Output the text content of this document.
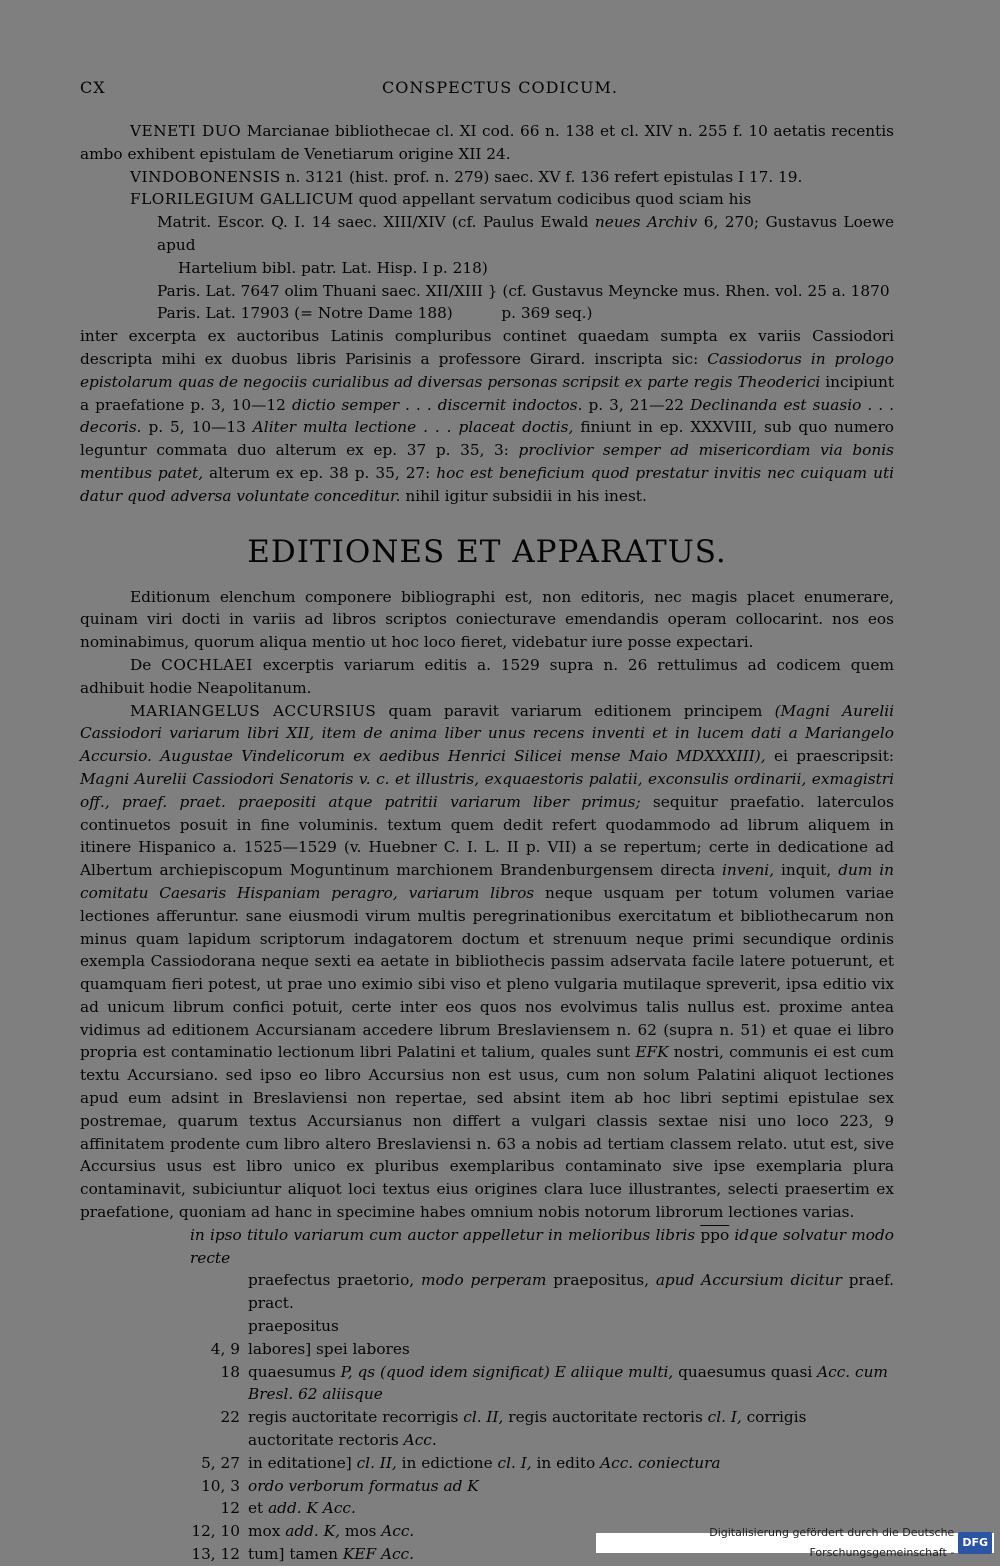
CX	CONSPECTUS CODICUM.

VENETI DUO Marcianae bibliothecae cl. XI cod. 66 n. 138 et cl. XIV n. 255 f. 10 aetatis recentis ambo exhibent epistulam de Venetiarum origine XII 24.

VINDOBONENSIS n. 3121 (hist. prof. n. 279) saec. XV f. 136 refert epistulas I 17. 19.

FLORILEGIUM GALLICUM quod appellant servatum codicibus quod sciam his

Matrit. Escor. Q. I. 14 saec. XIII/XIV (cf. Paulus Ewald neues Archiv 6, 270; Gustavus Loewe apud

Hartelium bibl. patr. Lat. Hisp. I p. 218)

Paris. Lat. 7647 olim Thuani saec. XII/XIII } (cf. Gustavus Meyncke mus. Rhen. vol. 25 a. 1870

Paris. Lat. 17903 (= Notre Dame 188)          p. 369 seq.)

inter excerpta ex auctoribus Latinis compluribus continet quaedam sumpta ex variis Cassiodori descripta mihi ex duobus libris Parisinis a professore Girard. inscripta sic: Cassiodorus in prologo epistolarum quas de negociis curialibus ad diversas personas scripsit ex parte regis Theoderici incipiunt a praefatione p. 3, 10—12 dictio semper . . . discernit indoctos. p. 3, 21—22 Declinanda est suasio . . . decoris. p. 5, 10—13 Aliter multa lectione . . . placeat doctis, finiunt in ep. XXXVIII, sub quo numero leguntur commata duo alterum ex ep. 37 p. 35, 3: proclivior semper ad misericordiam via bonis mentibus patet, alterum ex ep. 38 p. 35, 27: hoc est beneficium quod prestatur invitis nec cuiquam uti datur quod adversa voluntate conceditur. nihil igitur subsidii in his inest.

EDITIONES ET APPARATUS.

Editionum elenchum componere bibliographi est, non editoris, nec magis placet enumerare, quinam viri docti in variis ad libros scriptos coniecturave emendandis operam collocarint. nos eos nominabimus, quorum aliqua mentio ut hoc loco fieret, videbatur iure posse expectari.

De COCHLAEI excerptis variarum editis a. 1529 supra n. 26 rettulimus ad codicem quem adhibuit hodie Neapolitanum.

MARIANGELUS ACCURSIUS quam paravit variarum editionem principem (Magni Aurelii Cassiodori variarum libri XII, item de anima liber unus recens inventi et in lucem dati a Mariangelo Accursio. Augustae Vindelicorum ex aedibus Henrici Silicei mense Maio MDXXXIII), ei praescripsit: Magni Aurelii Cassiodori Senatoris v. c. et illustris, exquaestoris palatii, exconsulis ordinarii, exmagistri off., praef. praet. praepositi atque patritii variarum liber primus; sequitur praefatio. laterculos continuetos posuit in fine voluminis. textum quem dedit refert quodammodo ad librum aliquem in itinere Hispanico a. 1525—1529 (v. Huebner C. I. L. II p. VII) a se repertum; certe in dedicatione ad Albertum archiepiscopum Moguntinum marchionem Brandenburgensem directa inveni, inquit, dum in comitatu Caesaris Hispaniam peragro, variarum libros neque usquam per totum volumen variae lectiones afferuntur. sane eiusmodi virum multis peregrinationibus exercitatum et bibliothecarum non minus quam lapidum scriptorum indagatorem doctum et strenuum neque primi secundique ordinis exempla Cassiodorana neque sexti ea aetate in bibliothecis passim adservata facile latere potuerunt, et quamquam fieri potest, ut prae uno eximio sibi viso et pleno vulgaria mutilaque spreverit, ipsa editio vix ad unicum librum confici potuit, certe inter eos quos nos evolvimus talis nullus est. proxime antea vidimus ad editionem Accursianam accedere librum Breslaviensem n. 62 (supra n. 51) et quae ei libro propria est contaminatio lectionum libri Palatini et talium, quales sunt EFK nostri, communis ei est cum textu Accursiano. sed ipso eo libro Accursius non est usus, cum non solum Palatini aliquot lectiones apud eum adsint in Breslaviensi non repertae, sed absint item ab hoc libri septimi epistulae sex postremae, quarum textus Accursianus non differt a vulgari classis sextae nisi uno loco 223, 9 affinitatem prodente cum libro altero Breslaviensi n. 63 a nobis ad tertiam classem relato. utut est, sive Accursius usus est libro unico ex pluribus exemplaribus contaminato sive ipse exemplaria plura contaminavit, subiciuntur aliquot loci textus eius origines clara luce illustrantes, selecti praesertim ex praefatione, quoniam ad hanc in specimine habes omnium nobis notorum librorum lectiones varias.

in ipso titulo variarum cum auctor appelletur in melioribus libris $\overline{ppo}$ idque solvatur modo recte

praefectus praetorio, modo perperam praepositus, apud Accursium dicitur praef. pract.

praepositus

4, 9 labores] spei labores
18 quaesumus P, qs (quod idem significat) E aliique multi, quaesumus quasi Acc. cum Bresl. 62 aliisque
22 regis auctoritate recorrigis cl. II, regis auctoritate rectoris cl. I, corrigis auctoritate rectoris Acc.
5, 27 in editatione] cl. II, in edictione cl. I, in edito Acc. coniectura
10, 3 ordo verborum formatus ad K
12 et add. K Acc.
12, 10 mox add. K, mos Acc.
13, 12 tum] tamen KEF Acc.
Digitalisierung gefördert durch die Deutsche Forschungsgemeinschaft -
DFG
